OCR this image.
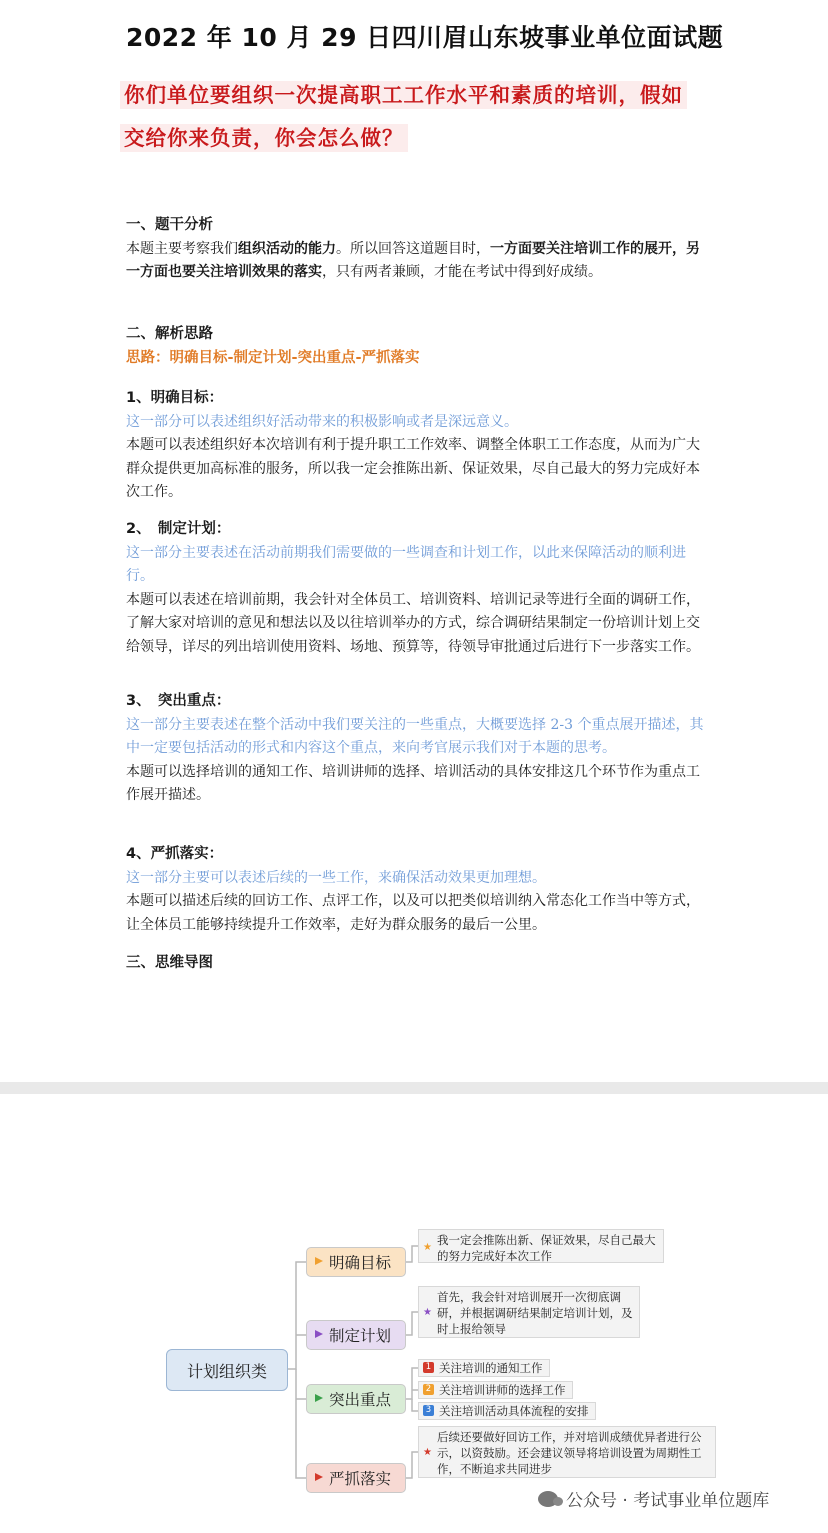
2022 年 10 月 29 日四川眉山东坡事业单位面试题
你们单位要组织一次提高职工工作水平和素质的培训，假如
交给你来负责，你会怎么做？
一、题干分析
本题主要考察我们组织活动的能力。所以回答这道题目时，一方面要关注培训工作的展开，另一方面也要关注培训效果的落实，只有两者兼顾，才能在考试中得到好成绩。
二、解析思路
思路：明确目标-制定计划-突出重点-严抓落实
1、明确目标：
这一部分可以表述组织好活动带来的积极影响或者是深远意义。
本题可以表述组织好本次培训有利于提升职工工作效率、调整全体职工工作态度，从而为广大群众提供更加高标准的服务，所以我一定会推陈出新、保证效果，尽自己最大的努力完成好本次工作。
2、　制定计划：
这一部分主要表述在活动前期我们需要做的一些调查和计划工作，以此来保障活动的顺利进行。
本题可以表述在培训前期，我会针对全体员工、培训资料、培训记录等进行全面的调研工作，了解大家对培训的意见和想法以及以往培训举办的方式，综合调研结果制定一份培训计划上交给领导，详尽的列出培训使用资料、场地、预算等，待领导审批通过后进行下一步落实工作。
3、　突出重点：
这一部分主要表述在整个活动中我们要关注的一些重点，大概要选择 2-3 个重点展开描述，其中一定要包括活动的形式和内容这个重点，来向考官展示我们对于本题的思考。
本题可以选择培训的通知工作、培训讲师的选择、培训活动的具体安排这几个环节作为重点工作展开描述。
4、严抓落实：
这一部分主要可以表述后续的一些工作，来确保活动效果更加理想。
本题可以描述后续的回访工作、点评工作，以及可以把类似培训纳入常态化工作当中等方式，让全体员工能够持续提升工作效率，走好为群众服务的最后一公里。
三、思维导图
计划组织类
明确目标
制定计划
突出重点
严抓落实
★
我一定会推陈出新、保证效果，尽自己最大的努力完成好本次工作
★
首先，我会针对培训展开一次彻底调研，并根据调研结果制定培训计划，及时上报给领导
1 关注培训的通知工作
2 关注培训讲师的选择工作
3 关注培训活动具体流程的安排
★
后续还要做好回访工作，并对培训成绩优异者进行公示，以资鼓励。还会建议领导将培训设置为周期性工作，不断追求共同进步
公众号 · 考试事业单位题库
